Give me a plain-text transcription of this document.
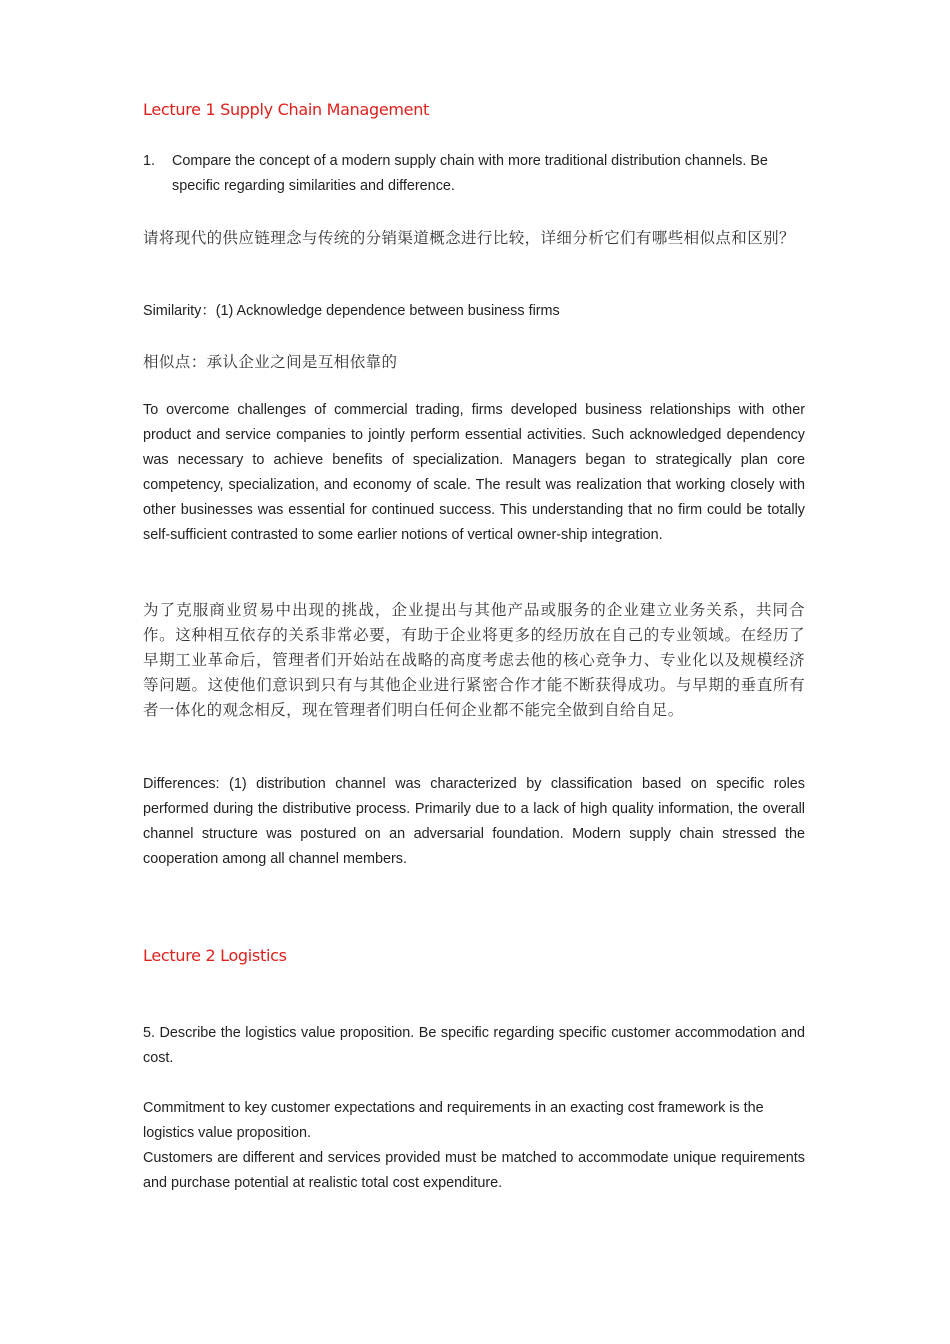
Lecture 1 Supply Chain Management
1.	Compare the concept of a modern supply chain with more traditional distribution channels. Be specific regarding similarities and difference.
请将现代的供应链理念与传统的分销渠道概念进行比较，详细分析它们有哪些相似点和区别？
Similarity：(1) Acknowledge dependence between business firms
相似点：承认企业之间是互相依靠的
To overcome challenges of commercial trading, firms developed business relationships with other product and service companies to jointly perform essential activities. Such acknowledged dependency was necessary to achieve benefits of specialization. Managers began to strategically plan core competency, specialization, and economy of scale. The result was realization that working closely with other businesses was essential for continued success. This understanding that no firm could be totally self-sufficient contrasted to some earlier notions of vertical owner-ship integration.
为了克服商业贸易中出现的挑战，企业提出与其他产品或服务的企业建立业务关系，共同合作。这种相互依存的关系非常必要，有助于企业将更多的经历放在自己的专业领域。在经历了早期工业革命后，管理者们开始站在战略的高度考虑去他的核心竞争力、专业化以及规模经济等问题。这使他们意识到只有与其他企业进行紧密合作才能不断获得成功。与早期的垂直所有者一体化的观念相反，现在管理者们明白任何企业都不能完全做到自给自足。
Differences: (1) distribution channel was characterized by classification based on specific roles performed during the distributive process. Primarily due to a lack of high quality information, the overall channel structure was postured on an adversarial foundation. Modern supply chain stressed the cooperation among all channel members.
Lecture 2 Logistics
5. Describe the logistics value proposition. Be specific regarding specific customer accommodation and cost.
Commitment to key customer expectations and requirements in an exacting cost framework is the logistics value proposition.
Customers are different and services provided must be matched to accommodate unique requirements and purchase potential at realistic total cost expenditure.
